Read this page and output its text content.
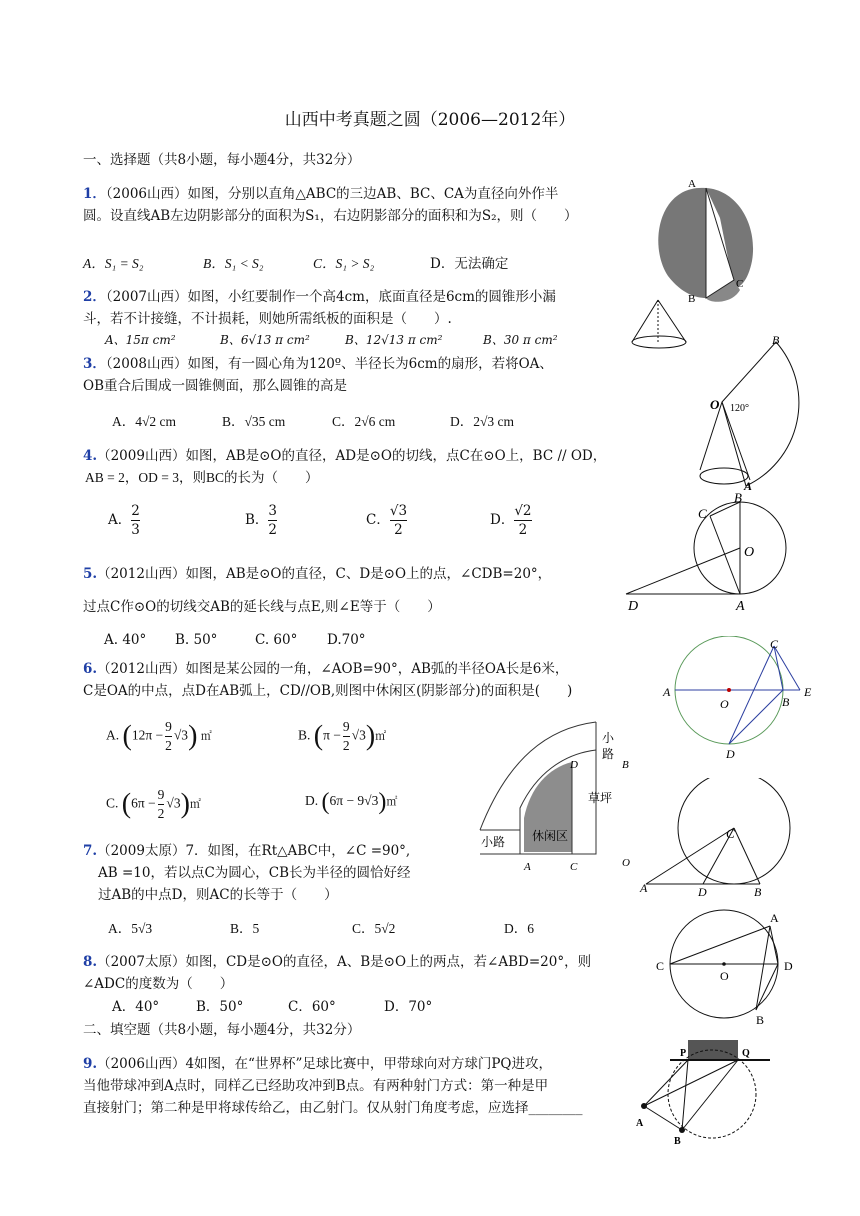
山西中考真题之圆（2006—2012年）
一、选择题（共8小题，每小题4分，共32分）
1．（2006山西）如图，分别以直角△ABC的三边AB、BC、CA为直径向外作半
圆。设直线AB左边阴影部分的面积为S₁，右边阴影部分的面积和为S₂，则（　　）
A．S₁ = S₂	B．S₁ < S₂	C．S₁ > S₂	D．无法确定
A
B
C
2．（2007山西）如图，小红要制作一个高4cm，底面直径是6cm的圆锥形小漏
斗，若不计接缝，不计损耗，则她所需纸板的面积是（　　）.
A、15π cm²	B、6√13 π cm²	B、12√13 π cm²	B、30 π cm²
3．（2008山西）如图，有一圆心角为120º、半径长为6cm的扇形，若将OA、
OB重合后围成一圆锥侧面，那么圆锥的高是
A．4√2 cm	B．√35 cm	C．2√6 cm	D．2√3 cm
B
O 120°
A
4.（2009山西）如图，AB是⊙O的直径，AD是⊙O的切线，点C在⊙O上，BC // OD，
AB = 2，OD = 3，则BC的长为（　　）
A． $\frac{2}{3}$	B． $\frac{3}{2}$	C． $\frac{√3}{2}$	D． $\frac{√2}{2}$
B
C
O
D	A
5.（2012山西）如图，AB是⊙O的直径，C、D是⊙O上的点，∠CDB=20°，
过点C作⊙O的切线交AB的延长线与点E,则∠E等于（　　）
A. 40° B. 50°	C. 60° D.70°	C
A
O	B
E
D
6.（2012山西）如图是某公园的一角，∠AOB=90°，AB弧的半径OA长是6米，
C是OA的中点，点D在AB弧上，CD//OB,则图中休闲区(阴影部分)的面积是(　　)
A. $(12\pi - \frac{9}{2} √3)$ ㎡	B. ($\pi - \frac{9}{2}$ √3)㎡
C. ($6\pi - \frac{9}{2}$ √3)㎡	D. (6π − 9√3)㎡
小
路
D	B
草坪
小路 休闲区
A	C	O
7.（2009太原）7．如图，在Rt△ABC中，∠C =90°,
AB =10，若以点C为圆心，CB长为半径的圆恰好经
过AB的中点D，则AC的长等于（　　）
A．5√3	B．5	C．5√2	D．6
C
A	D	B
8.（2007太原）如图，CD是⊙O的直径，A、B是⊙O上的两点，若∠ABD=20°，则
∠ADC的度数为（　　）
A．40°	B．50°	C．60°	D．70°
A
C
O
D
B
二、填空题（共8小题，每小题4分，共32分）
9.（2006山西）4如图，在“世界杯”足球比赛中，甲带球向对方球门PQ进攻，
当他带球冲到A点时，同样乙已经助攻冲到B点。有两种射门方式：第一种是甲
直接射门；第二种是甲将球传给乙，由乙射门。仅从射门角度考虑，应选择________
P	Q
A
B
